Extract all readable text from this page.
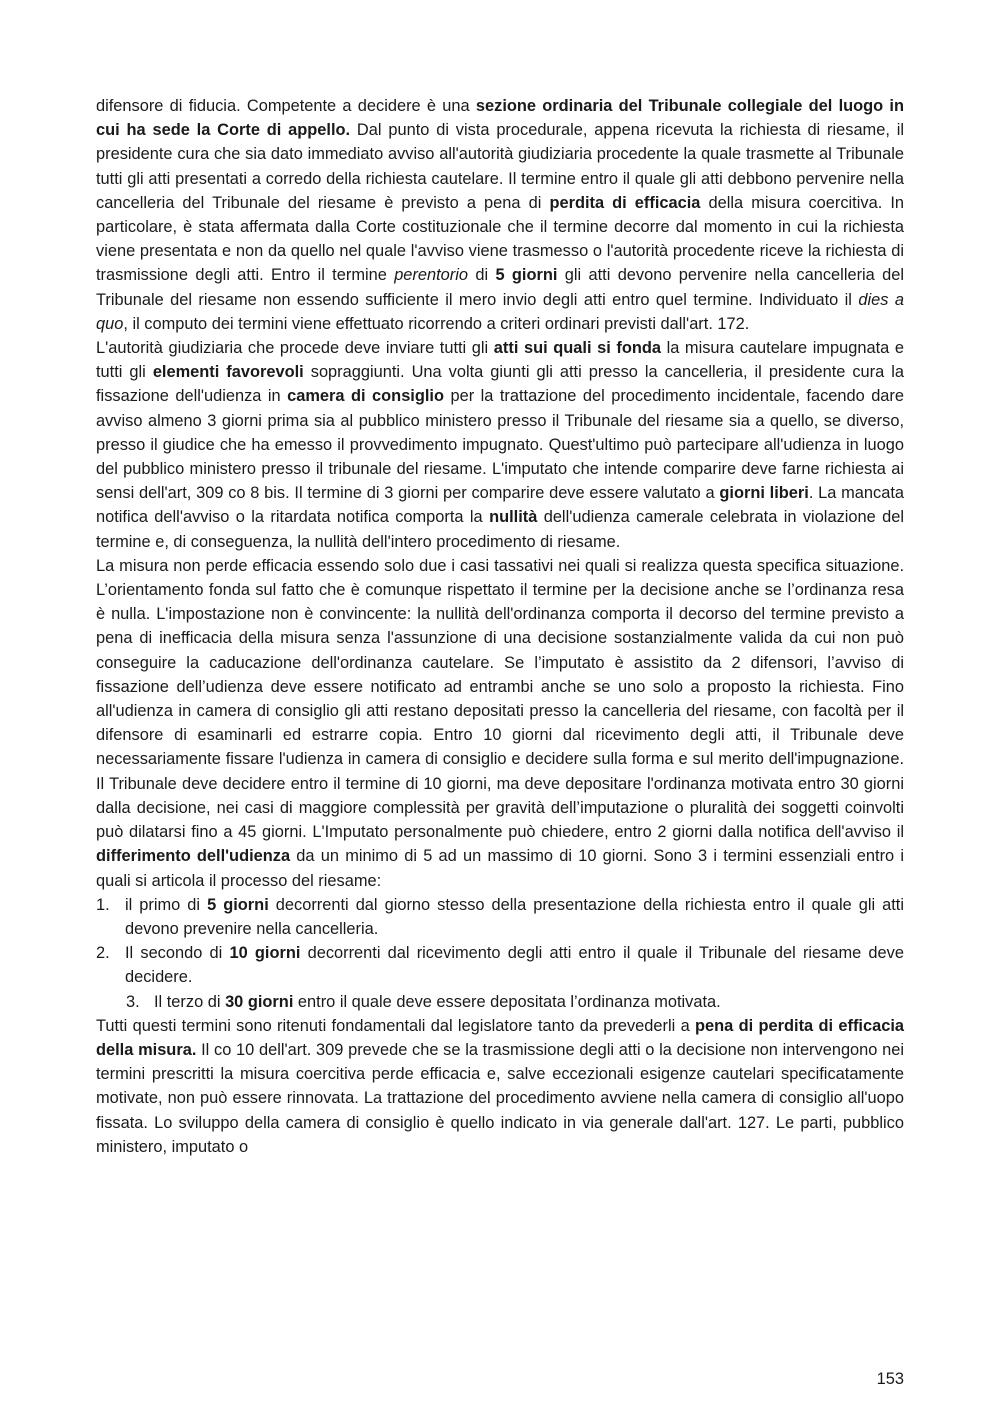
difensore di fiducia. Competente a decidere è una sezione ordinaria del Tribunale collegiale del luogo in cui ha sede la Corte di appello. Dal punto di vista procedurale, appena ricevuta la richiesta di riesame, il presidente cura che sia dato immediato avviso all'autorità giudiziaria procedente la quale trasmette al Tribunale tutti gli atti presentati a corredo della richiesta cautelare. Il termine entro il quale gli atti debbono pervenire nella cancelleria del Tribunale del riesame è previsto a pena di perdita di efficacia della misura coercitiva. In particolare, è stata affermata dalla Corte costituzionale che il termine decorre dal momento in cui la richiesta viene presentata e non da quello nel quale l'avviso viene trasmesso o l'autorità procedente riceve la richiesta di trasmissione degli atti. Entro il termine perentorio di 5 giorni gli atti devono pervenire nella cancelleria del Tribunale del riesame non essendo sufficiente il mero invio degli atti entro quel termine. Individuato il dies a quo, il computo dei termini viene effettuato ricorrendo a criteri ordinari previsti dall'art. 172.

L'autorità giudiziaria che procede deve inviare tutti gli atti sui quali si fonda la misura cautelare impugnata e tutti gli elementi favorevoli sopraggiunti. Una volta giunti gli atti presso la cancelleria, il presidente cura la fissazione dell'udienza in camera di consiglio per la trattazione del procedimento incidentale, facendo dare avviso almeno 3 giorni prima sia al pubblico ministero presso il Tribunale del riesame sia a quello, se diverso, presso il giudice che ha emesso il provvedimento impugnato. Quest'ultimo può partecipare all'udienza in luogo del pubblico ministero presso il tribunale del riesame. L'imputato che intende comparire deve farne richiesta ai sensi dell'art, 309 co 8 bis. Il termine di 3 giorni per comparire deve essere valutato a giorni liberi. La mancata notifica dell'avviso o la ritardata notifica comporta la nullità dell'udienza camerale celebrata in violazione del termine e, di conseguenza, la nullità dell'intero procedimento di riesame.

La misura non perde efficacia essendo solo due i casi tassativi nei quali si realizza questa specifica situazione. L’orientamento fonda sul fatto che è comunque rispettato il termine per la decisione anche se l’ordinanza resa è nulla. L'impostazione non è convincente: la nullità dell'ordinanza comporta il decorso del termine previsto a pena di inefficacia della misura senza l'assunzione di una decisione sostanzialmente valida da cui non può conseguire la caducazione dell'ordinanza cautelare. Se l’imputato è assistito da 2 difensori, l’avviso di fissazione dell’udienza deve essere notificato ad entrambi anche se uno solo a proposto la richiesta. Fino all'udienza in camera di consiglio gli atti restano depositati presso la cancelleria del riesame, con facoltà per il difensore di esaminarli ed estrarre copia. Entro 10 giorni dal ricevimento degli atti, il Tribunale deve necessariamente fissare l'udienza in camera di consiglio e decidere sulla forma e sul merito dell'impugnazione. Il Tribunale deve decidere entro il termine di 10 giorni, ma deve depositare l'ordinanza motivata entro 30 giorni dalla decisione, nei casi di maggiore complessità per gravità dell’imputazione o pluralità dei soggetti coinvolti può dilatarsi fino a 45 giorni. L'Imputato personalmente può chiedere, entro 2 giorni dalla notifica dell'avviso il differimento dell'udienza da un minimo di 5 ad un massimo di 10 giorni. Sono 3 i termini essenziali entro i quali si articola il processo del riesame:

1. il primo di 5 giorni decorrenti dal giorno stesso della presentazione della richiesta entro il quale gli atti devono prevenire nella cancelleria.
2. Il secondo di 10 giorni decorrenti dal ricevimento degli atti entro il quale il Tribunale del riesame deve decidere.
3. Il terzo di 30 giorni entro il quale deve essere depositata l’ordinanza motivata.

Tutti questi termini sono ritenuti fondamentali dal legislatore tanto da prevederli a pena di perdita di efficacia della misura. Il co 10 dell'art. 309 prevede che se la trasmissione degli atti o la decisione non intervengono nei termini prescritti la misura coercitiva perde efficacia e, salve eccezionali esigenze cautelari specificatamente motivate, non può essere rinnovata. La trattazione del procedimento avviene nella camera di consiglio all'uopo fissata. Lo sviluppo della camera di consiglio è quello indicato in via generale dall'art. 127. Le parti, pubblico ministero, imputato o

153
